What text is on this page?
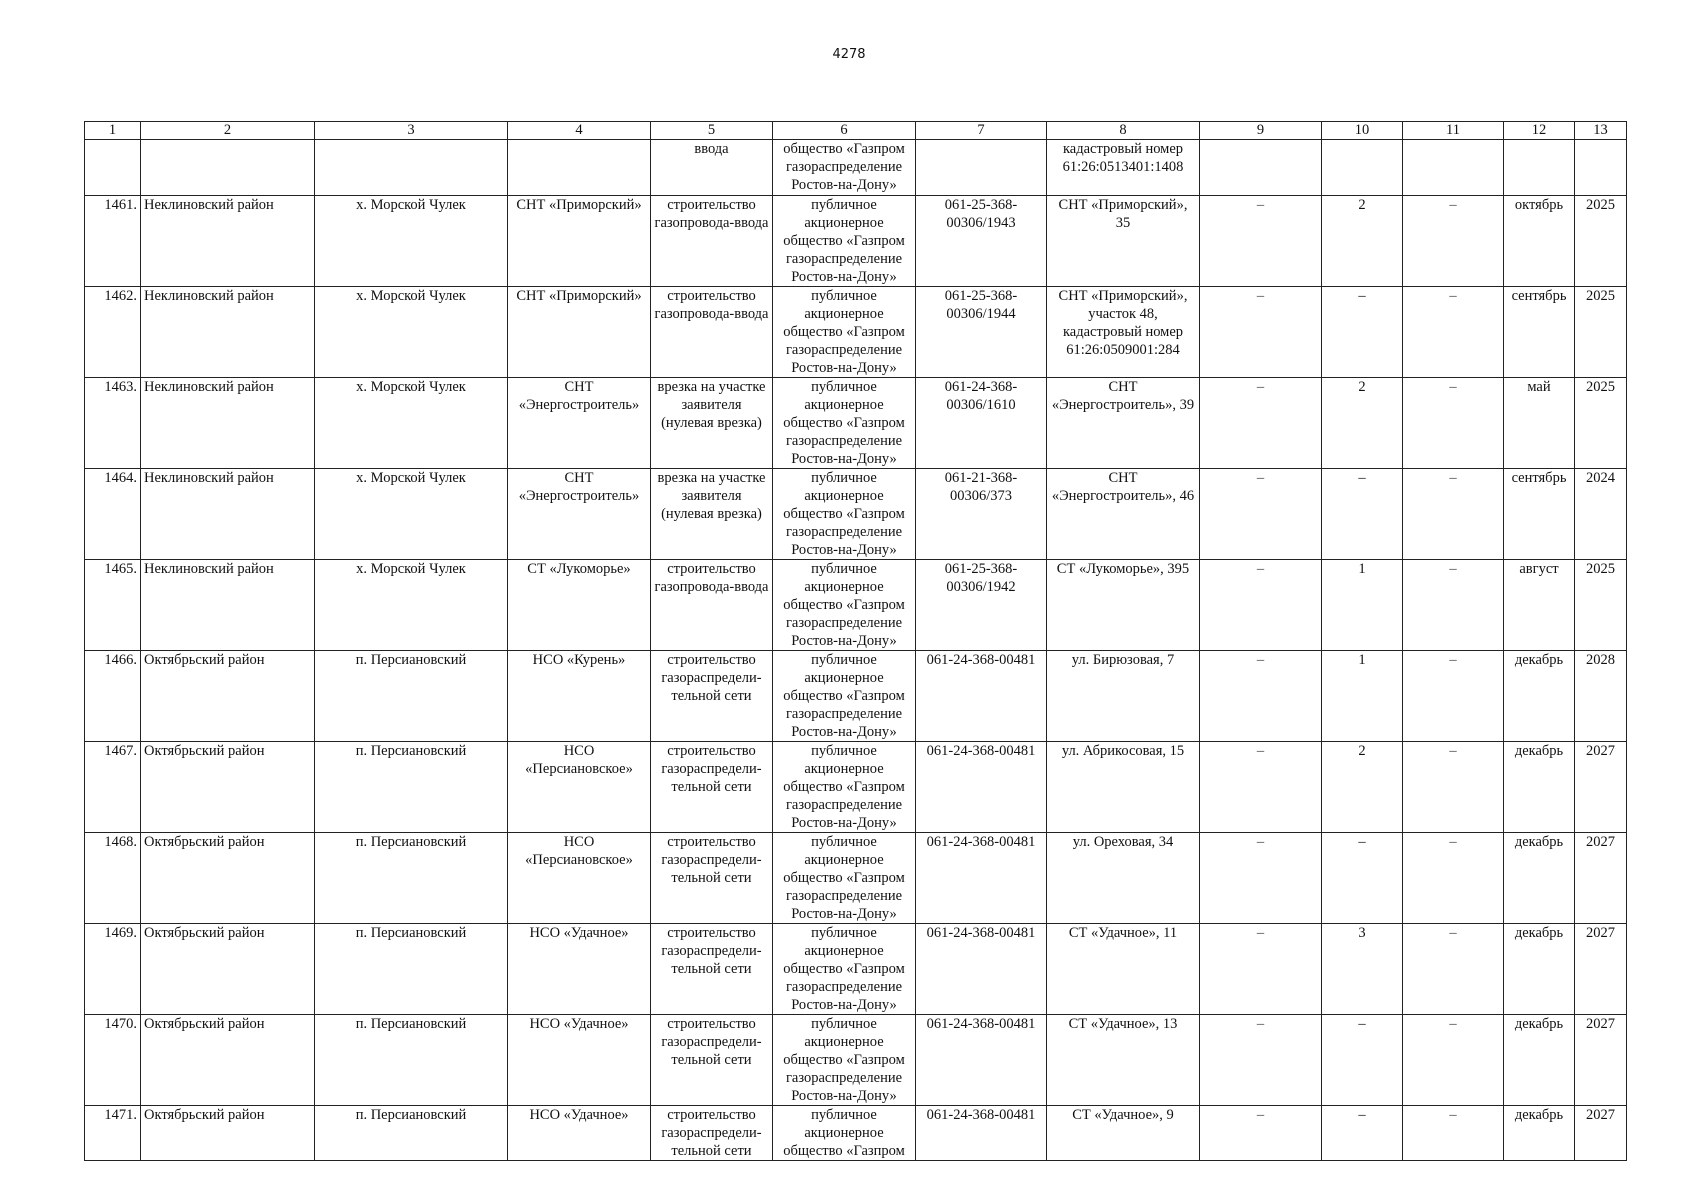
4278
1	2	3	4	5	6	7	8	9	10	11	12	13
				ввода	общество «Газпром газораспределение Ростов-на-Дону»		кадастровый номер 61:26:0513401:1408					
1461.	Неклиновский район	х. Морской Чулек	СНТ «Приморский»	строительство газопровода-ввода	публичное акционерное общество «Газпром газораспределение Ростов-на-Дону»	061-25-368-00306/1943	СНТ «Приморский», 35	–	2	–	октябрь	2025
1462.	Неклиновский район	х. Морской Чулек	СНТ «Приморский»	строительство газопровода-ввода	публичное акционерное общество «Газпром газораспределение Ростов-на-Дону»	061-25-368-00306/1944	СНТ «Приморский», участок 48, кадастровый номер 61:26:0509001:284	–	–	–	сентябрь	2025
1463.	Неклиновский район	х. Морской Чулек	СНТ «Энергостроитель»	врезка на участке заявителя (нулевая врезка)	публичное акционерное общество «Газпром газораспределение Ростов-на-Дону»	061-24-368-00306/1610	СНТ «Энергостроитель», 39	–	2	–	май	2025
1464.	Неклиновский район	х. Морской Чулек	СНТ «Энергостроитель»	врезка на участке заявителя (нулевая врезка)	публичное акционерное общество «Газпром газораспределение Ростов-на-Дону»	061-21-368-00306/373	СНТ «Энергостроитель», 46	–	–	–	сентябрь	2024
1465.	Неклиновский район	х. Морской Чулек	СТ «Лукоморье»	строительство газопровода-ввода	публичное акционерное общество «Газпром газораспределение Ростов-на-Дону»	061-25-368-00306/1942	СТ «Лукоморье», 395	–	1	–	август	2025
1466.	Октябрьский район	п. Персиановский	НСО «Курень»	строительство газораспредели-тельной сети	публичное акционерное общество «Газпром газораспределение Ростов-на-Дону»	061-24-368-00481	ул. Бирюзовая, 7	–	1	–	декабрь	2028
1467.	Октябрьский район	п. Персиановский	НСО «Персиановское»	строительство газораспредели-тельной сети	публичное акционерное общество «Газпром газораспределение Ростов-на-Дону»	061-24-368-00481	ул. Абрикосовая, 15	–	2	–	декабрь	2027
1468.	Октябрьский район	п. Персиановский	НСО «Персиановское»	строительство газораспредели-тельной сети	публичное акционерное общество «Газпром газораспределение Ростов-на-Дону»	061-24-368-00481	ул. Ореховая, 34	–	–	–	декабрь	2027
1469.	Октябрьский район	п. Персиановский	НСО «Удачное»	строительство газораспредели-тельной сети	публичное акционерное общество «Газпром газораспределение Ростов-на-Дону»	061-24-368-00481	СТ «Удачное», 11	–	3	–	декабрь	2027
1470.	Октябрьский район	п. Персиановский	НСО «Удачное»	строительство газораспредели-тельной сети	публичное акционерное общество «Газпром газораспределение Ростов-на-Дону»	061-24-368-00481	СТ «Удачное», 13	–	–	–	декабрь	2027
1471.	Октябрьский район	п. Персиановский	НСО «Удачное»	строительство газораспредели-тельной сети	публичное акционерное общество «Газпром	061-24-368-00481	СТ «Удачное», 9	–	–	–	декабрь	2027
